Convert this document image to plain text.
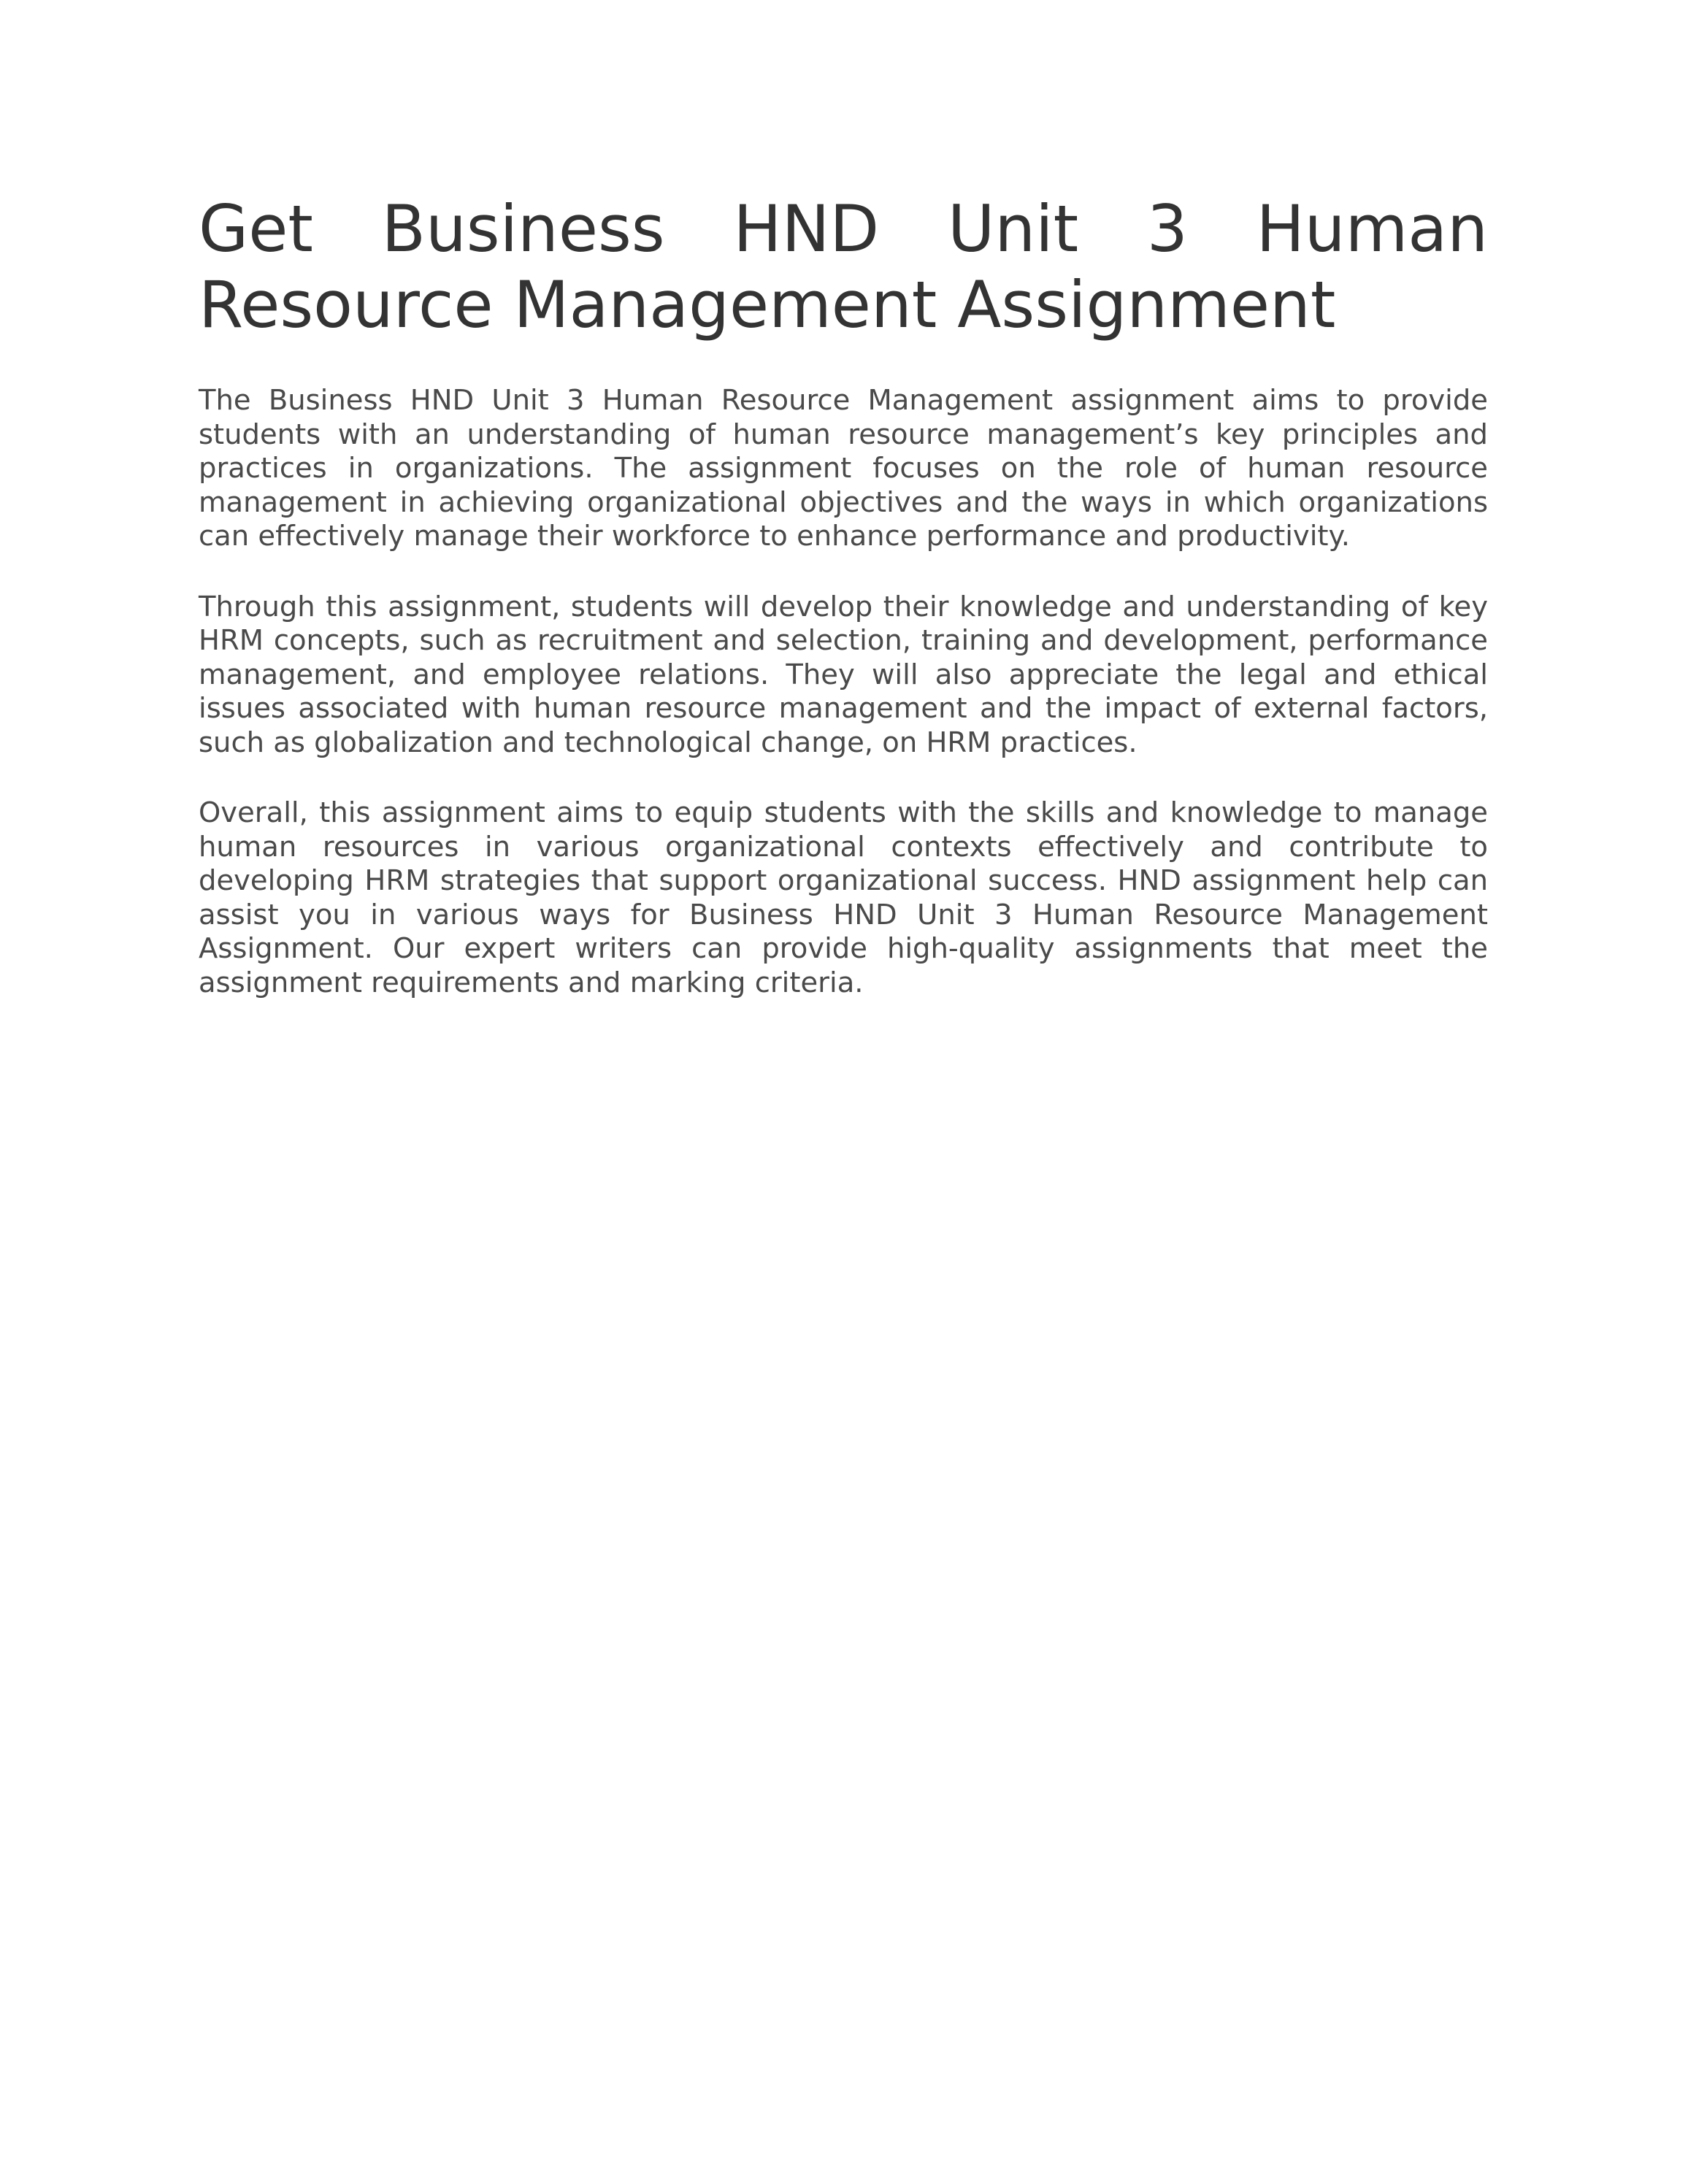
Get Business HND Unit 3 Human
Resource Management Assignment

The Business HND Unit 3 Human Resource Management assignment aims to provide students with an understanding of human resource management’s key principles and practices in organizations. The assignment focuses on the role of human resource management in achieving organizational objectives and the ways in which organizations can effectively manage their workforce to enhance performance and productivity.

Through this assignment, students will develop their knowledge and understanding of key HRM concepts, such as recruitment and selection, training and development, performance management, and employee relations. They will also appreciate the legal and ethical issues associated with human resource management and the impact of external factors, such as globalization and technological change, on HRM practices.

Overall, this assignment aims to equip students with the skills and knowledge to manage human resources in various organizational contexts effectively and contribute to developing HRM strategies that support organizational success. HND assignment help can assist you in various ways for Business HND Unit 3 Human Resource Management Assignment. Our expert writers can provide high-quality assignments that meet the assignment requirements and marking criteria.
